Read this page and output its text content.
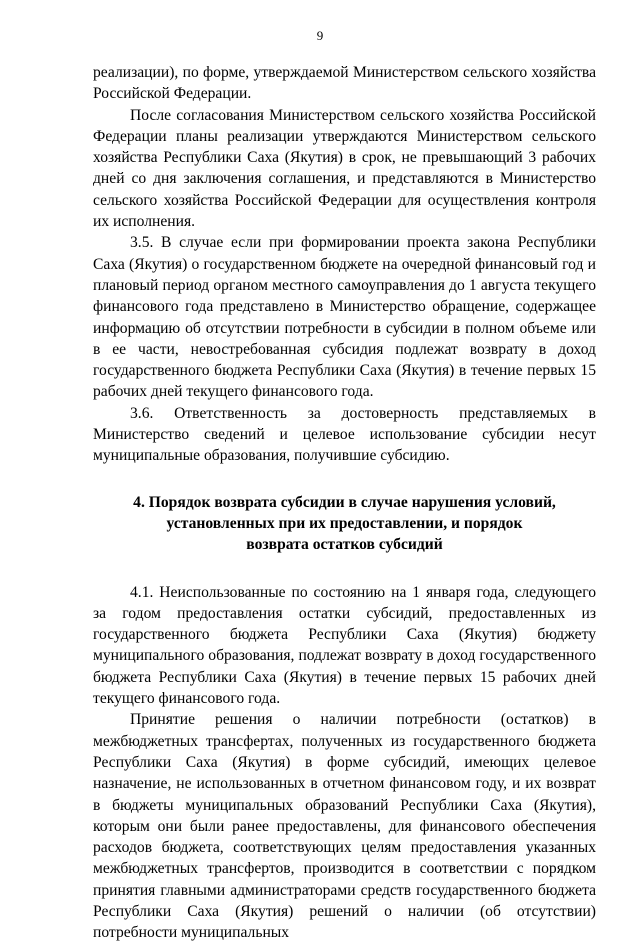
9

реализации), по форме, утверждаемой Министерством сельского хозяйства Российской Федерации.

После согласования Министерством сельского хозяйства Российской Федерации планы реализации утверждаются Министерством сельского хозяйства Республики Саха (Якутия) в срок, не превышающий 3 рабочих дней со дня заключения соглашения, и представляются в Министерство сельского хозяйства Российской Федерации для осуществления контроля их исполнения.

3.5. В случае если при формировании проекта закона Республики Саха (Якутия) о государственном бюджете на очередной финансовый год и плановый период органом местного самоуправления до 1 августа текущего финансового года представлено в Министерство обращение, содержащее информацию об отсутствии потребности в субсидии в полном объеме или в ее части, невостребованная субсидия подлежат возврату в доход государственного бюджета Республики Саха (Якутия) в течение первых 15 рабочих дней текущего финансового года.

3.6. Ответственность за достоверность представляемых в Министерство сведений и целевое использование субсидии несут муниципальные образования, получившие субсидию.

4. Порядок возврата субсидии в случае нарушения условий,
установленных при их предоставлении, и порядок
возврата остатков субсидий

4.1. Неиспользованные по состоянию на 1 января года, следующего за годом предоставления остатки субсидий, предоставленных из государственного бюджета Республики Саха (Якутия) бюджету муниципального образования, подлежат возврату в доход государственного бюджета Республики Саха (Якутия) в течение первых 15 рабочих дней текущего финансового года.

Принятие решения о наличии потребности (остатков) в межбюджетных трансфертах, полученных из государственного бюджета Республики Саха (Якутия) в форме субсидий, имеющих целевое назначение, не использованных в отчетном финансовом году, и их возврат в бюджеты муниципальных образований Республики Саха (Якутия), которым они были ранее предоставлены, для финансового обеспечения расходов бюджета, соответствующих целям предоставления указанных межбюджетных трансфертов, производится в соответствии с порядком принятия главными администраторами средств государственного бюджета Республики Саха (Якутия) решений о наличии (об отсутствии) потребности муниципальных
